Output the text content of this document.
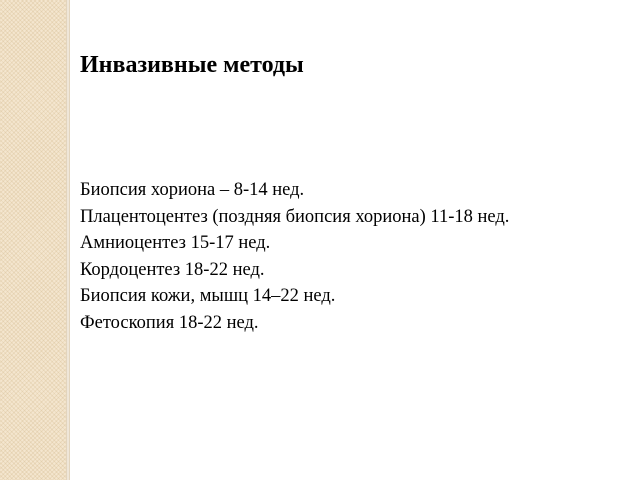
Инвазивные методы
Биопсия хориона – 8-14 нед.
Плацентоцентез (поздняя биопсия хориона) 11-18 нед.
Амниоцентез 15-17 нед.
Кордоцентез 18-22 нед.
Биопсия кожи, мышц 14–22 нед.
Фетоскопия 18-22 нед.
